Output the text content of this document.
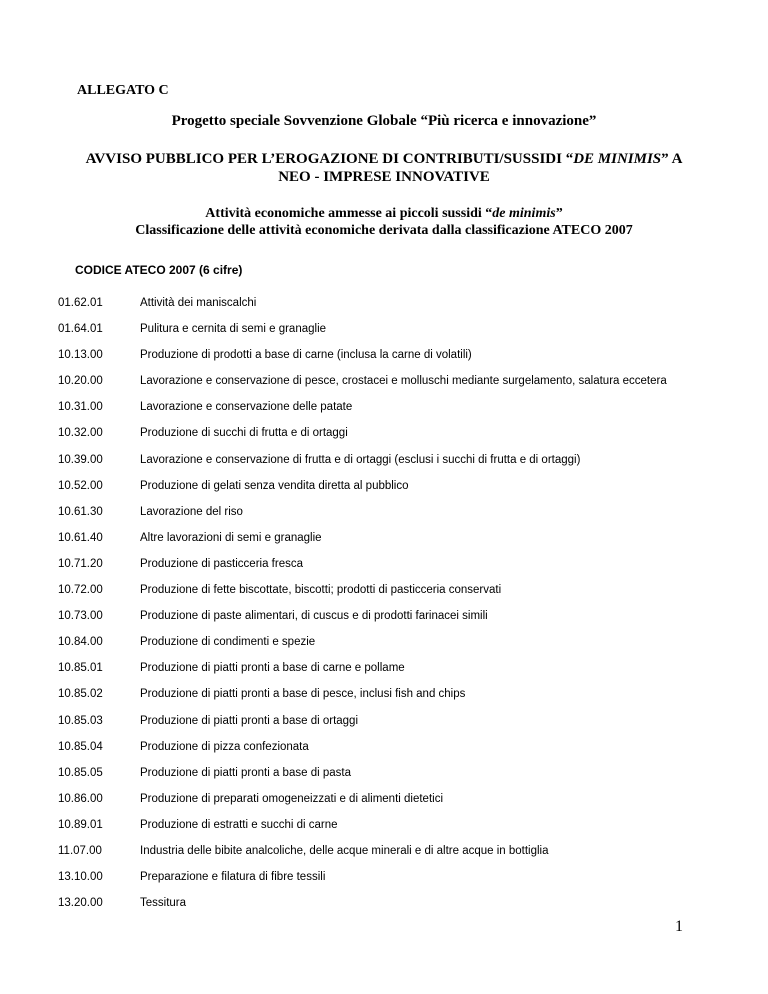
ALLEGATO C
Progetto speciale Sovvenzione Globale “Più ricerca e innovazione”
AVVISO PUBBLICO PER L’EROGAZIONE DI CONTRIBUTI/SUSSIDI “DE MINIMIS” A
NEO - IMPRESE INNOVATIVE
Attività economiche ammesse ai piccoli sussidi “de minimis”
Classificazione delle attività economiche derivata dalla classificazione ATECO 2007
CODICE ATECO 2007 (6 cifre)
01.62.01	Attività dei maniscalchi
01.64.01	Pulitura e cernita di semi e granaglie
10.13.00	Produzione di prodotti a base di carne (inclusa la carne di volatili)
10.20.00	Lavorazione e conservazione di pesce, crostacei e molluschi mediante surgelamento, salatura eccetera
10.31.00	Lavorazione e conservazione delle patate
10.32.00	Produzione di succhi di frutta e di ortaggi
10.39.00	Lavorazione e conservazione di frutta e di ortaggi (esclusi i succhi di frutta e di ortaggi)
10.52.00	Produzione di gelati senza vendita diretta al pubblico
10.61.30	Lavorazione del riso
10.61.40	Altre lavorazioni di semi e granaglie
10.71.20	Produzione di pasticceria fresca
10.72.00	Produzione di fette biscottate, biscotti; prodotti di pasticceria conservati
10.73.00	Produzione di paste alimentari, di cuscus e di prodotti farinacei simili
10.84.00	Produzione di condimenti e spezie
10.85.01	Produzione di piatti pronti a base di carne e pollame
10.85.02	Produzione di piatti pronti a base di pesce, inclusi fish and chips
10.85.03	Produzione di piatti pronti a base di ortaggi
10.85.04	Produzione di pizza confezionata
10.85.05	Produzione di piatti pronti a base di pasta
10.86.00	Produzione di preparati omogeneizzati e di alimenti dietetici
10.89.01	Produzione di estratti e succhi di carne
11.07.00	Industria delle bibite analcoliche, delle acque minerali e di altre acque in bottiglia
13.10.00	Preparazione e filatura di fibre tessili
13.20.00	Tessitura
1
